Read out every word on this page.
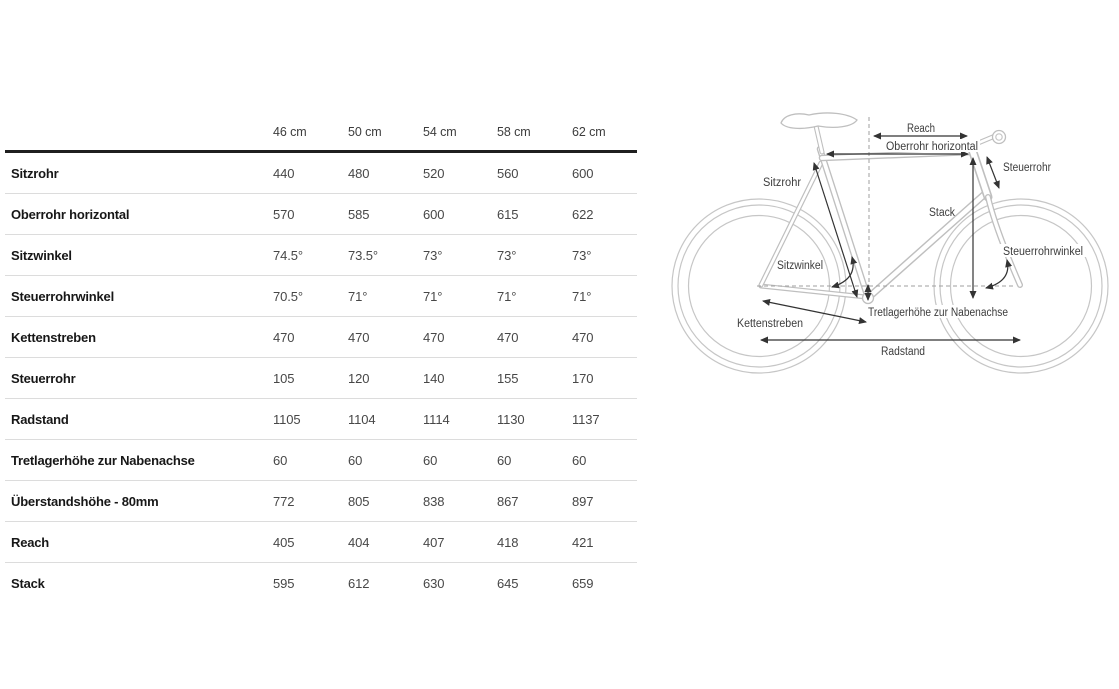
46 cm	50 cm	54 cm	58 cm	62 cm
Sitzrohr	440	480	520	560	600
Oberrohr horizontal	570	585	600	615	622
Sitzwinkel	74.5°	73.5°	73°	73°	73°
Steuerrohrwinkel	70.5°	71°	71°	71°	71°
Kettenstreben	470	470	470	470	470
Steuerrohr	105	120	140	155	170
Radstand	1105	1104	1114	1130	1137
Tretlagerhöhe zur Nabenachse	60	60	60	60	60
Überstandshöhe - 80mm	772	805	838	867	897
Reach	405	404	407	418	421
Stack	595	612	630	645	659
Reach
Oberrohr horizontal
Sitzrohr
Steuerrohr
Stack
Steuerrohrwinkel
Sitzwinkel
Tretlagerhöhe zur Nabenachse
Kettenstreben
Radstand
